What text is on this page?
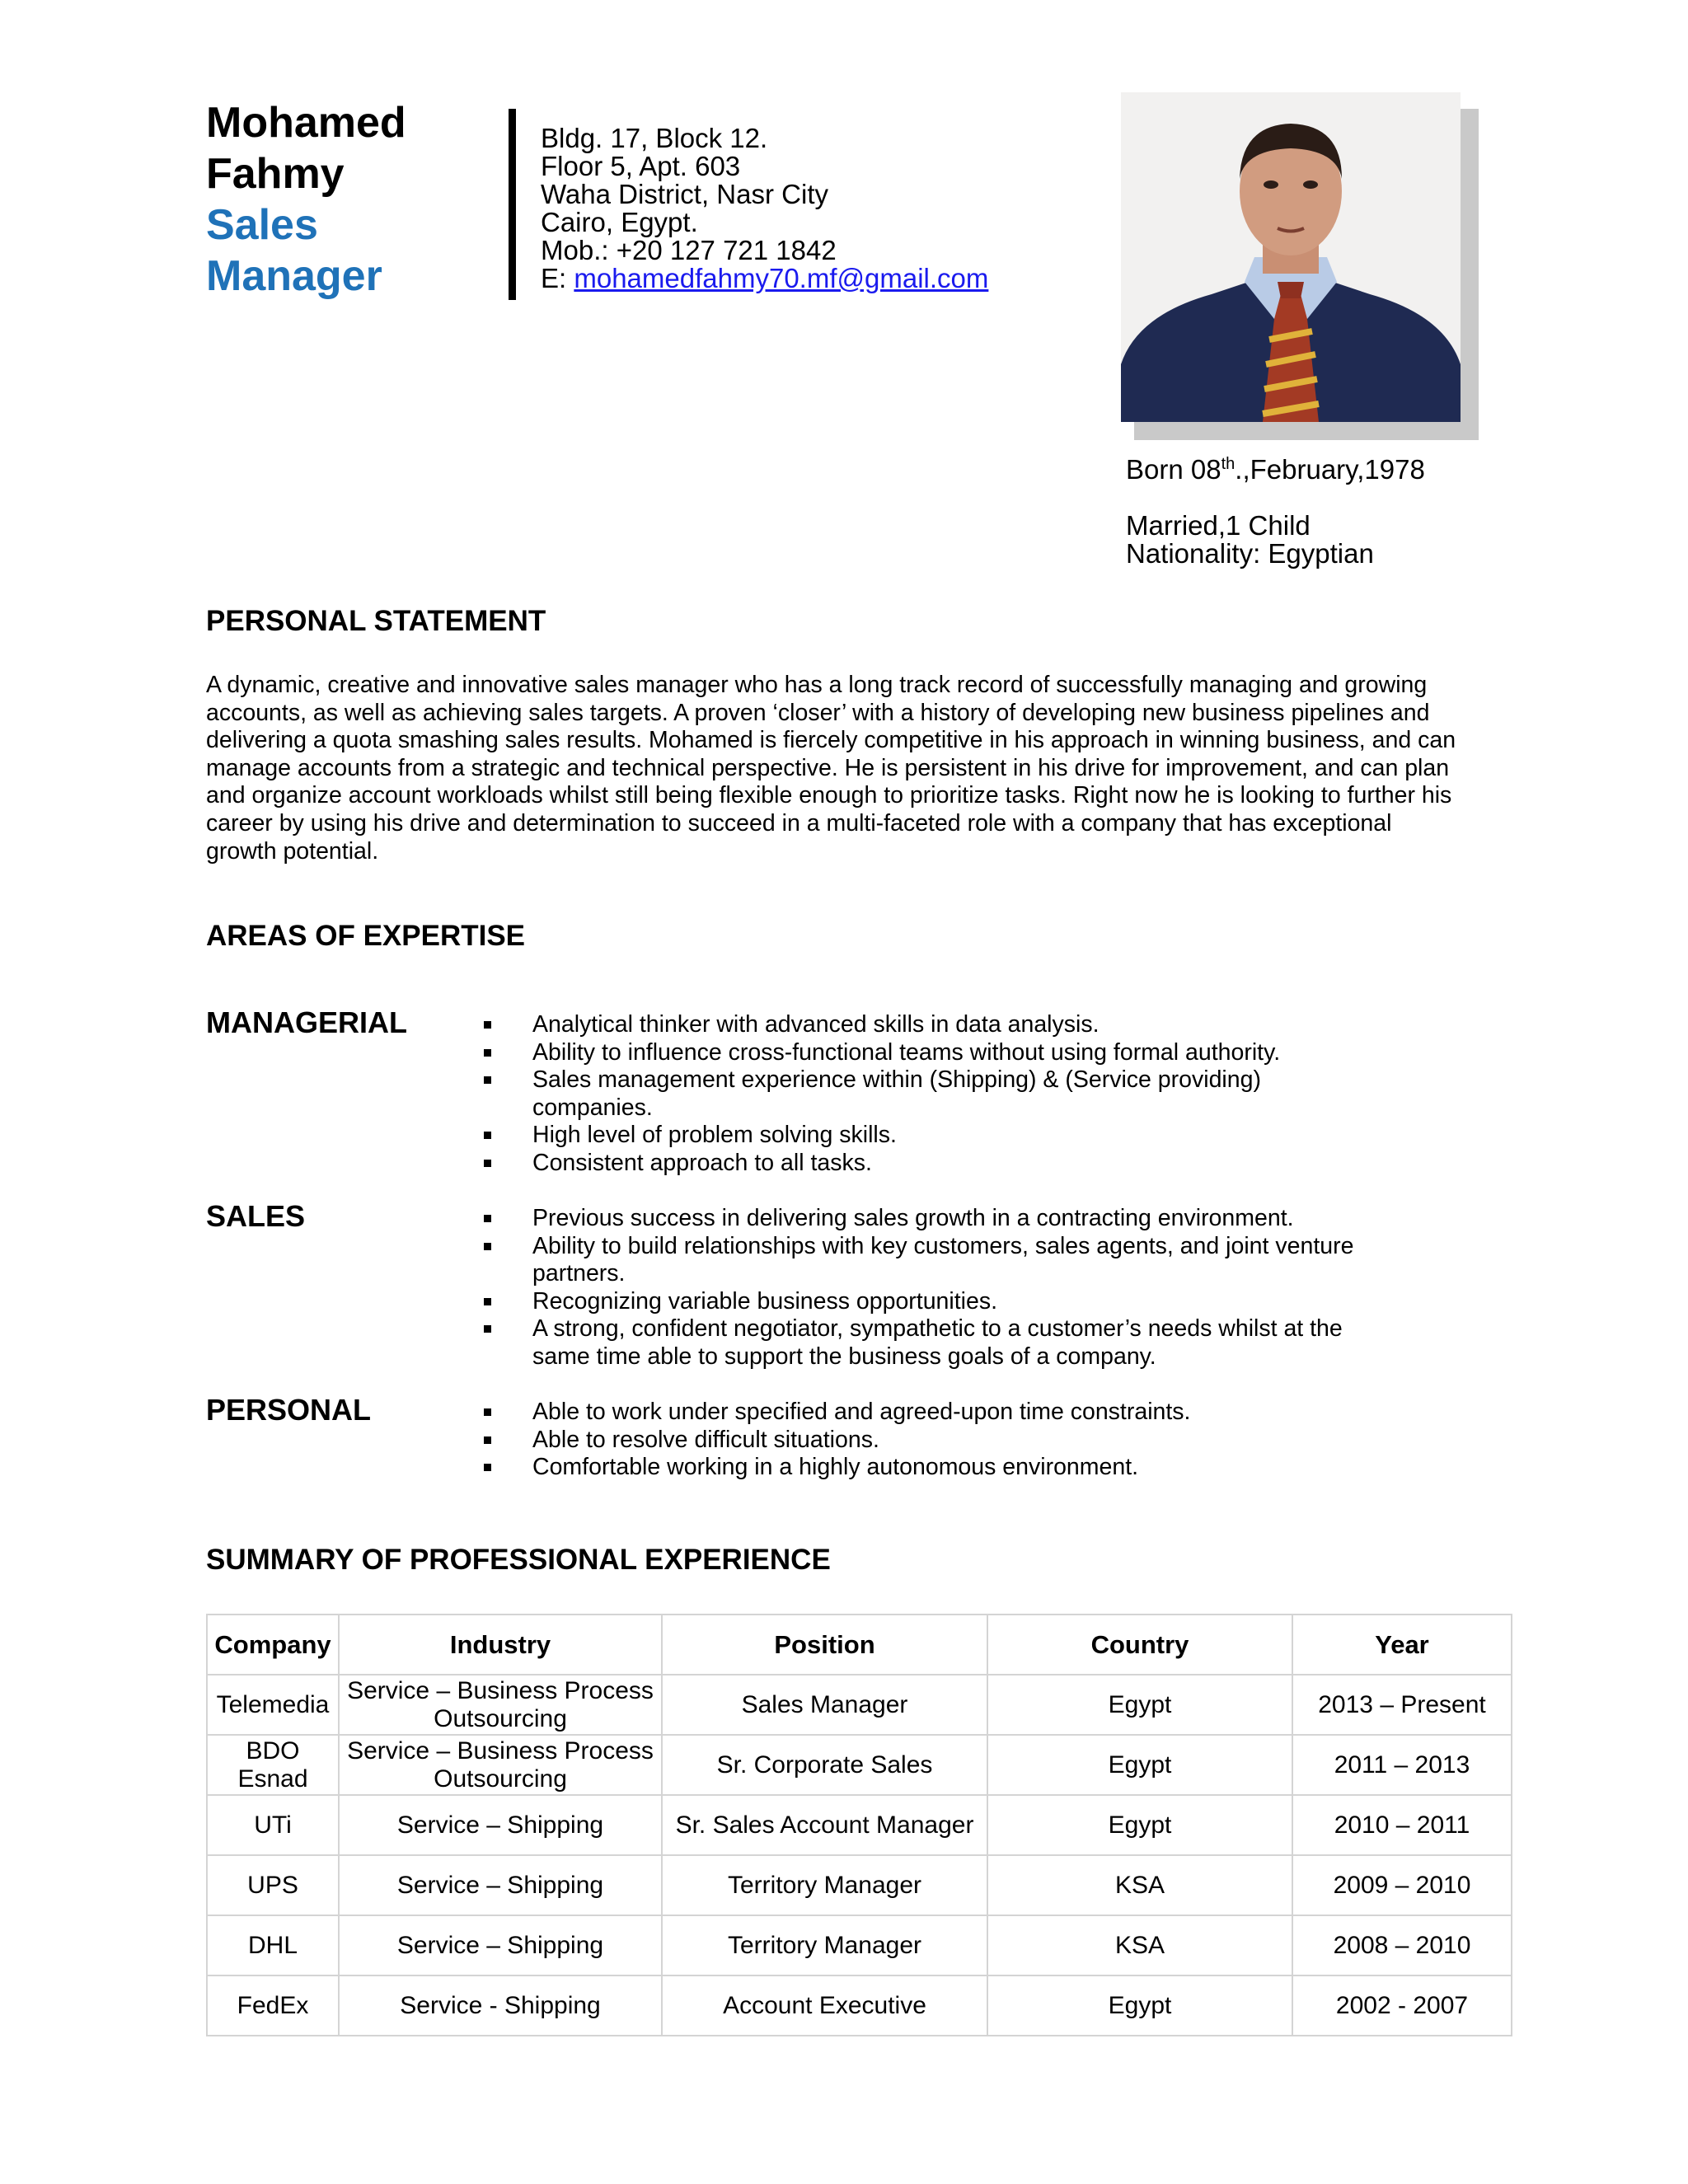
Mohamed
Fahmy
Sales
Manager
Bldg. 17, Block 12.
Floor 5, Apt. 603
Waha District, Nasr City
Cairo, Egypt.
Mob.: +20 127 721 1842
E: mohamedfahmy70.mf@gmail.com
Born 08th.,February,1978
Married,1 Child
Nationality: Egyptian
PERSONAL STATEMENT
A dynamic, creative and innovative sales manager who has a long track record of successfully managing and growing accounts, as well as achieving sales targets. A proven ‘closer’ with a history of developing new business pipelines and delivering a quota smashing sales results. Mohamed is fiercely competitive in his approach in winning business, and can manage accounts from a strategic and technical perspective. He is persistent in his drive for improvement, and can plan and organize account workloads whilst still being flexible enough to prioritize tasks. Right now he is looking to further his career by using his drive and determination to succeed in a multi-faceted role with a company that has exceptional growth potential.
AREAS OF EXPERTISE
MANAGERIAL	Analytical thinker with advanced skills in data analysis.
Ability to influence cross-functional teams without using formal authority.
Sales management experience within (Shipping) & (Service providing) companies.
High level of problem solving skills.
Consistent approach to all tasks.
SALES	Previous success in delivering sales growth in a contracting environment.
Ability to build relationships with key customers, sales agents, and joint venture partners.
Recognizing variable business opportunities.
A strong, confident negotiator, sympathetic to a customer’s needs whilst at the same time able to support the business goals of a company.
PERSONAL	Able to work under specified and agreed-upon time constraints.
Able to resolve difficult situations.
Comfortable working in a highly autonomous environment.
SUMMARY OF PROFESSIONAL EXPERIENCE
Company	Industry	Position	Country	Year
Telemedia	Service – Business Process Outsourcing	Sales Manager	Egypt	2013 – Present
BDO Esnad	Service – Business Process Outsourcing	Sr. Corporate Sales	Egypt	2011 – 2013
UTi	Service – Shipping	Sr. Sales Account Manager	Egypt	2010 – 2011
UPS	Service – Shipping	Territory Manager	KSA	2009 – 2010
DHL	Service – Shipping	Territory Manager	KSA	2008 – 2010
FedEx	Service - Shipping	Account Executive	Egypt	2002 - 2007
